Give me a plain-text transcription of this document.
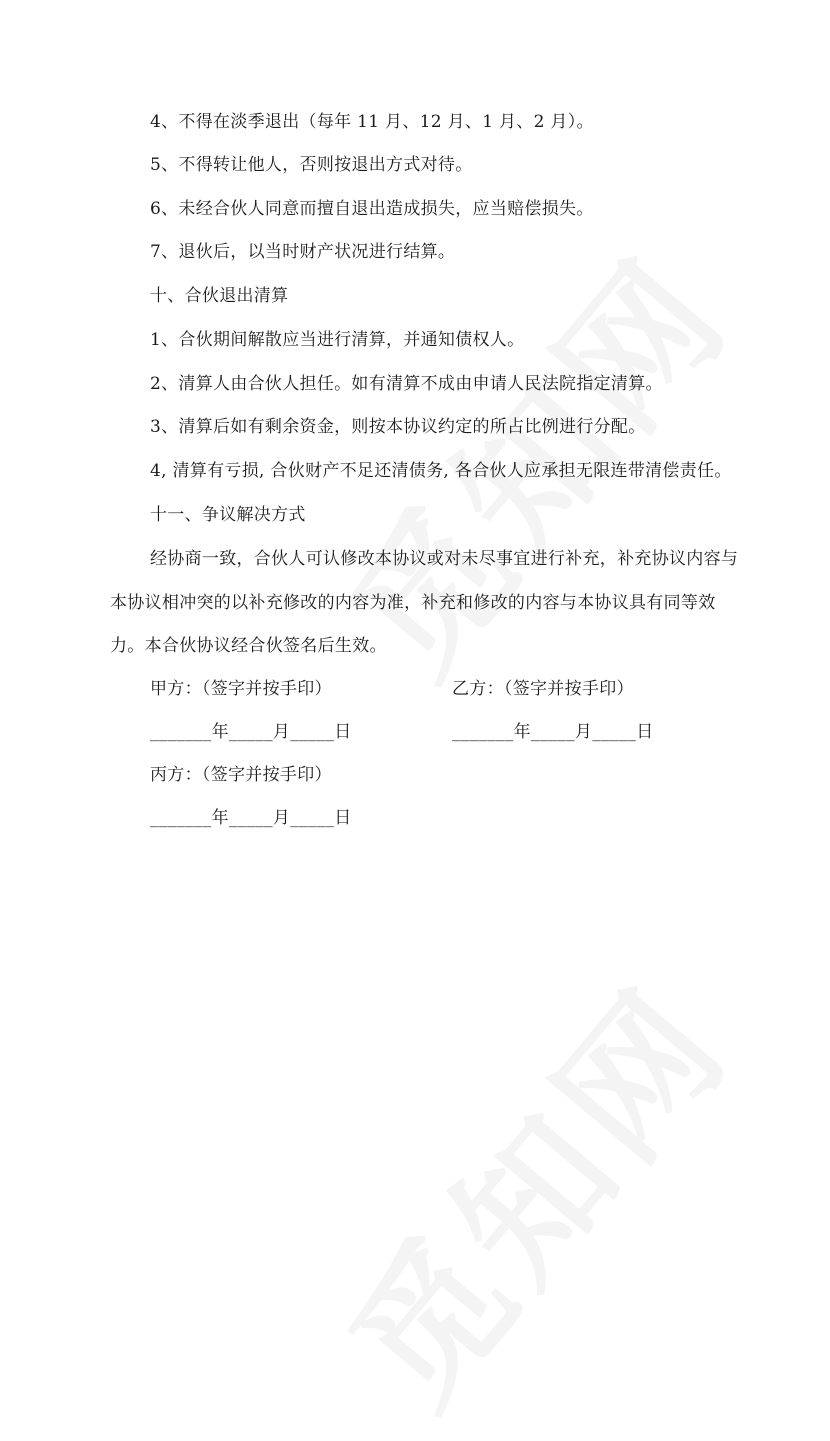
4、不得在淡季退出（每年 11 月、12 月、1 月、2 月）。
5、不得转让他人，否则按退出方式对待。
6、未经合伙人同意而擅自退出造成损失，应当赔偿损失。
7、退伙后，以当时财产状况进行结算。
十、合伙退出清算
1、合伙期间解散应当进行清算，并通知债权人。
2、清算人由合伙人担任。如有清算不成由申请人民法院指定清算。
3、清算后如有剩余资金，则按本协议约定的所占比例进行分配。
4, 清算有亏损, 合伙财产不足还清债务, 各合伙人应承担无限连带清偿责任。
十一、争议解决方式
经协商一致，合伙人可认修改本协议或对未尽事宜进行补充，补充协议内容与
本协议相冲突的以补充修改的内容为准，补充和修改的内容与本协议具有同等效
力。本合伙协议经合伙签名后生效。
甲方：（签字并按手印）	乙方：（签字并按手印）
_______年_____月_____日	_______年_____月_____日
丙方：（签字并按手印）
_______年_____月_____日
